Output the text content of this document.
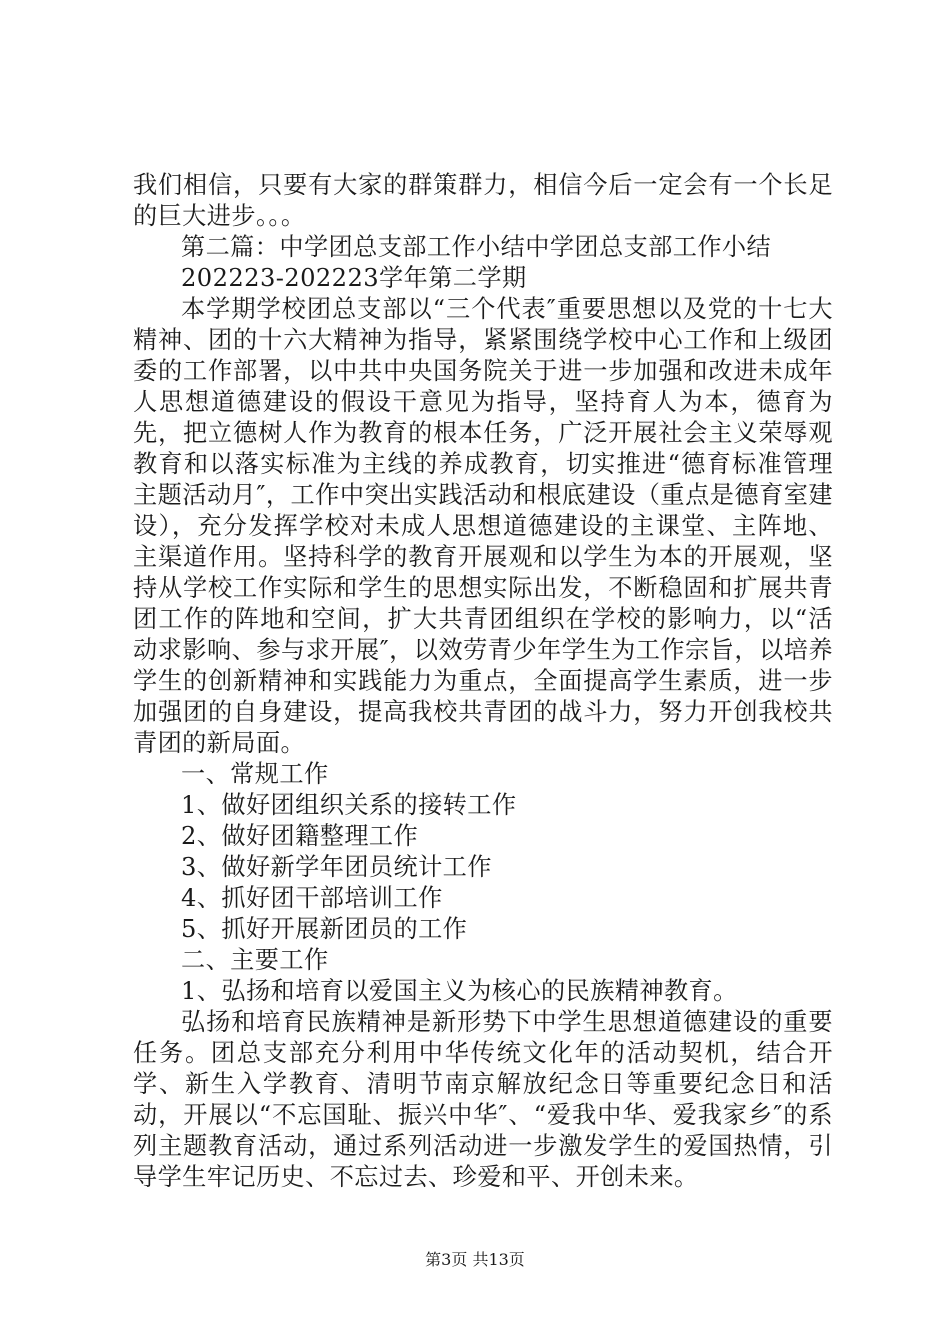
我们相信，只要有大家的群策群力，相信今后一定会有一个长足的巨大进步。。。

第二篇：中学团总支部工作小结中学团总支部工作小结

202223-202223学年第二学期

本学期学校团总支部以“三个代表″重要思想以及党的十七大精神、团的十六大精神为指导，紧紧围绕学校中心工作和上级团委的工作部署，以中共中央国务院关于进一步加强和改进未成年人思想道德建设的假设干意见为指导，坚持育人为本，德育为先，把立德树人作为教育的根本任务，广泛开展社会主义荣辱观教育和以落实标准为主线的养成教育，切实推进“德育标准管理主题活动月″，工作中突出实践活动和根底建设（重点是德育室建设），充分发挥学校对未成人思想道德建设的主课堂、主阵地、主渠道作用。坚持科学的教育开展观和以学生为本的开展观，坚持从学校工作实际和学生的思想实际出发，不断稳固和扩展共青团工作的阵地和空间，扩大共青团组织在学校的影响力，以“活动求影响、参与求开展″，以效劳青少年学生为工作宗旨，以培养学生的创新精神和实践能力为重点，全面提高学生素质，进一步加强团的自身建设，提高我校共青团的战斗力，努力开创我校共青团的新局面。

一、常规工作

1、做好团组织关系的接转工作

2、做好团籍整理工作

3、做好新学年团员统计工作

4、抓好团干部培训工作

5、抓好开展新团员的工作

二、主要工作

1、弘扬和培育以爱国主义为核心的民族精神教育。

弘扬和培育民族精神是新形势下中学生思想道德建设的重要任务。团总支部充分利用中华传统文化年的活动契机，结合开学、新生入学教育、清明节南京解放纪念日等重要纪念日和活动，开展以“不忘国耻、振兴中华″、“爱我中华、爱我家乡″的系列主题教育活动，通过系列活动进一步激发学生的爱国热情，引导学生牢记历史、不忘过去、珍爱和平、开创未来。

第3页 共13页
